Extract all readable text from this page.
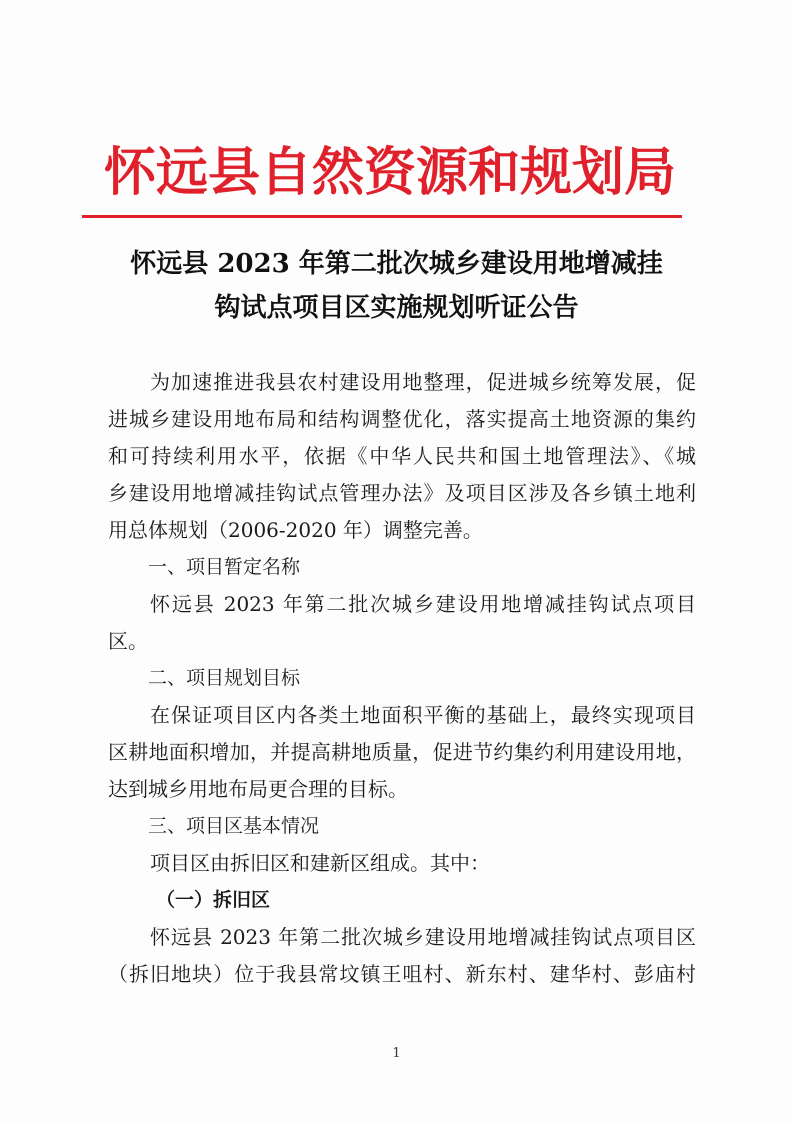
怀远县自然资源和规划局
怀远县 2023 年第二批次城乡建设用地增减挂
钩试点项目区实施规划听证公告
为加速推进我县农村建设用地整理，促进城乡统筹发展，促
进城乡建设用地布局和结构调整优化，落实提高土地资源的集约
和可持续利用水平，依据《中华人民共和国土地管理法》、《城
乡建设用地增减挂钩试点管理办法》及项目区涉及各乡镇土地利
用总体规划（2006-2020 年）调整完善。
一、项目暂定名称
怀远县 2023 年第二批次城乡建设用地增减挂钩试点项目
区。
二、项目规划目标
在保证项目区内各类土地面积平衡的基础上，最终实现项目
区耕地面积增加，并提高耕地质量，促进节约集约利用建设用地，
达到城乡用地布局更合理的目标。
三、项目区基本情况
项目区由拆旧区和建新区组成。其中：
（一）拆旧区
怀远县 2023 年第二批次城乡建设用地增减挂钩试点项目区
（拆旧地块）位于我县常坟镇王咀村、新东村、建华村、彭庙村
1
